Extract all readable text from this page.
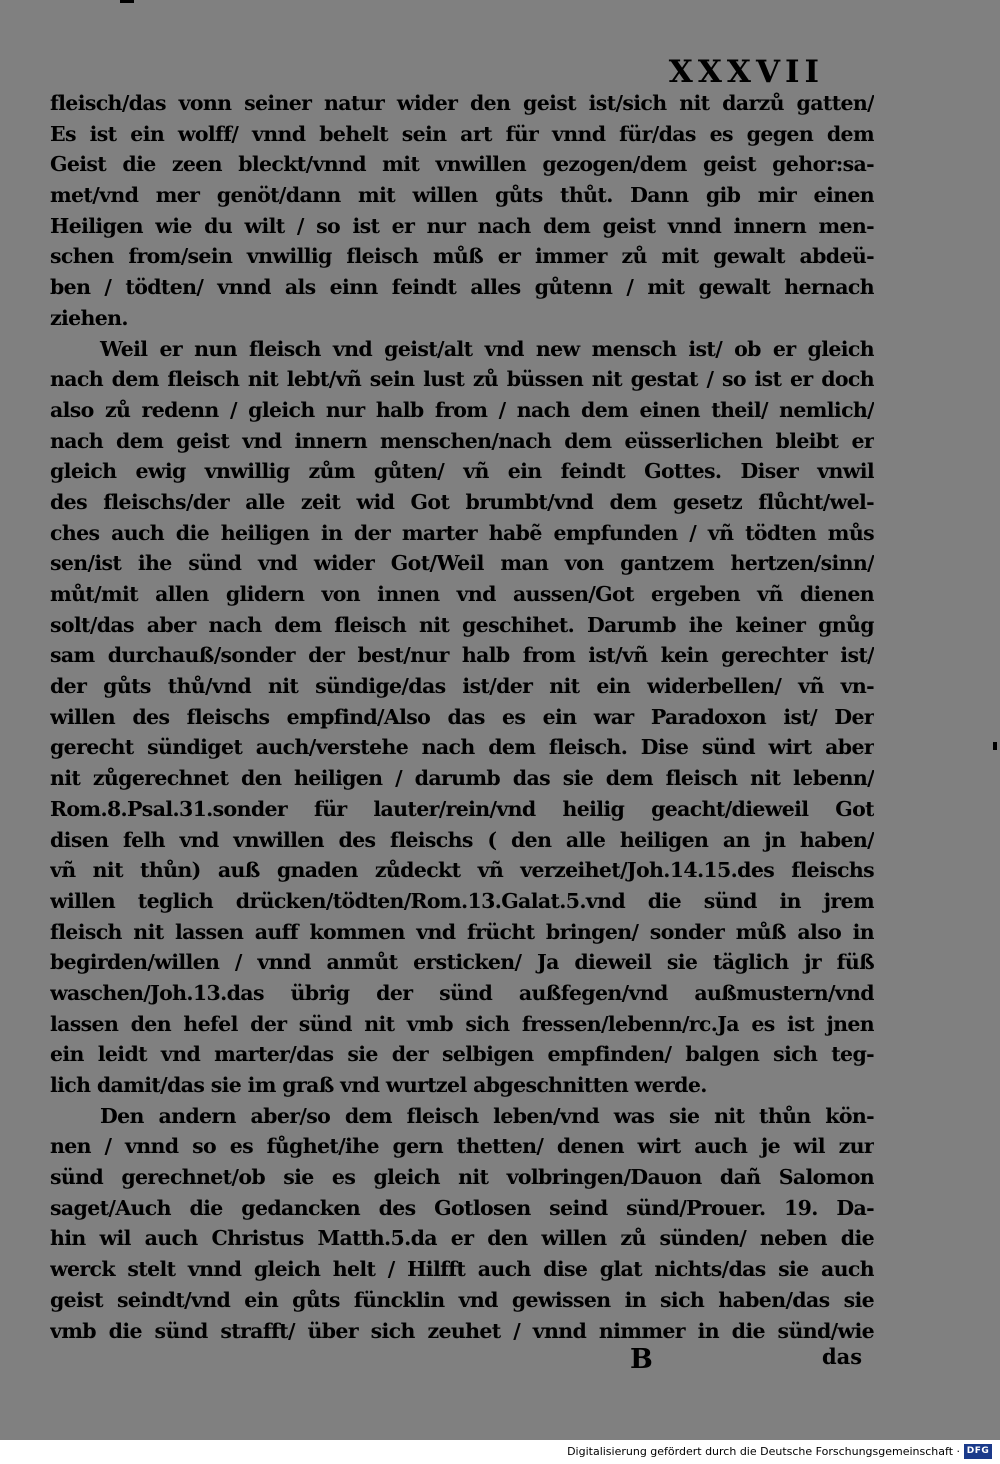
XXXVII
fleisch/das vonn seiner natur wider den geist ist/sich nit darzů gatten/
Es ist ein wolff/ vnnd behelt sein art für vnnd für/das es gegen dem
Geist die zeen bleckt/vnnd mit vnwillen gezogen/dem geist gehor:sa-
met/vnd mer genöt/dann mit willen gůts thůt. Dann gib mir einen
Heiligen wie du wilt / so ist er nur nach dem geist vnnd innern men-
schen from/sein vnwillig fleisch můß er immer zů mit gewalt abdeü-
ben / tödten/ vnnd als einn feindt alles gůtenn / mit gewalt hernach
ziehen.
Weil er nun fleisch vnd geist/alt vnd new mensch ist/ ob er gleich
nach dem fleisch nit lebt/vñ sein lust zů büssen nit gestat / so ist er doch
also zů redenn / gleich nur halb from / nach dem einen theil/ nemlich/
nach dem geist vnd innern menschen/nach dem eüsserlichen bleibt er
gleich ewig vnwillig zům gůten/ vñ ein feindt Gottes. Diser vnwil
des fleischs/der alle zeit wid Got brumbt/vnd dem gesetz flůcht/wel-
ches auch die heiligen in der marter habẽ empfunden / vñ tödten můs
sen/ist ihe sünd vnd wider Got/Weil man von gantzem hertzen/sinn/
můt/mit allen glidern von innen vnd aussen/Got ergeben vñ dienen
solt/das aber nach dem fleisch nit geschihet. Darumb ihe keiner gnůg
sam durchauß/sonder der best/nur halb from ist/vñ kein gerechter ist/
der gůts thů/vnd nit sündige/das ist/der nit ein widerbellen/ vñ vn-
willen des fleischs empfind/Also das es ein war Paradoxon ist/ Der
gerecht sündiget auch/verstehe nach dem fleisch. Dise sünd wirt aber
nit zůgerechnet den heiligen / darumb das sie dem fleisch nit lebenn/
Rom.8.Psal.31.sonder für lauter/rein/vnd heilig geacht/dieweil Got
disen felh vnd vnwillen des fleischs ( den alle heiligen an jn haben/
vñ nit thůn) auß gnaden zůdeckt vñ verzeihet/Joh.14.15.des fleischs
willen teglich drücken/tödten/Rom.13.Galat.5.vnd die sünd in jrem
fleisch nit lassen auff kommen vnd frücht bringen/ sonder můß also in
begirden/willen / vnnd anmůt ersticken/ Ja dieweil sie täglich jr füß
waschen/Joh.13.das übrig der sünd außfegen/vnd außmustern/vnd
lassen den hefel der sünd nit vmb sich fressen/lebenn/rc.Ja es ist jnen
ein leidt vnd marter/das sie der selbigen empfinden/ balgen sich teg-
lich damit/das sie im graß vnd wurtzel abgeschnitten werde.
Den andern aber/so dem fleisch leben/vnd was sie nit thůn kön-
nen / vnnd so es fůghet/ihe gern thetten/ denen wirt auch je wil zur
sünd gerechnet/ob sie es gleich nit volbringen/Dauon dañ Salomon
saget/Auch die gedancken des Gotlosen seind sünd/Prouer. 19. Da-
hin wil auch Christus Matth.5.da er den willen zů sünden/ neben die
werck stelt vnnd gleich helt / Hilfft auch dise glat nichts/das sie auch
geist seindt/vnd ein gůts füncklin vnd gewissen in sich haben/das sie
vmb die sünd strafft/ über sich zeuhet / vnnd nimmer in die sünd/wie
B	das
Digitalisierung gefördert durch die Deutsche Forschungsgemeinschaft · DFG
